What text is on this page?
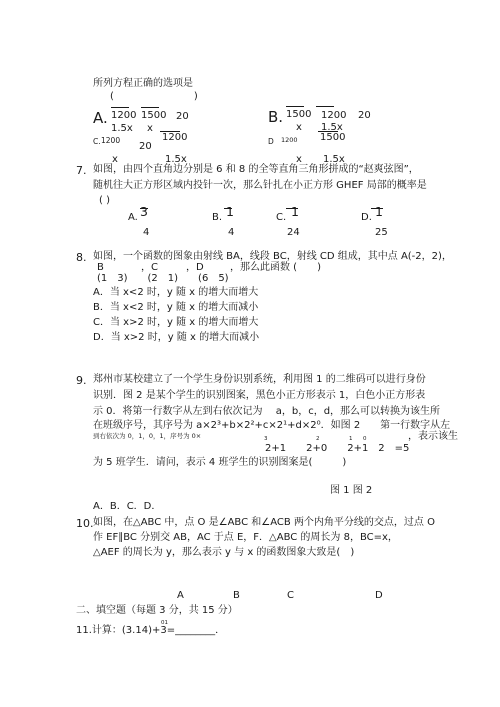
所列方程正确的选项是
(　　　　　　　　)
A. 1200 1500 20
1.5x x
C. 1200
20
1200
x	1.5x
B. 1500 1200 20
x 1.5x
D 1200 1500
x 1.5x
7. 如图，由四个直角边分别是 6 和 8 的全等直角三角形拼成的“赵爽弦图”，
随机往大正方形区域内投针一次，那么针扎在小正方形 GHEF 局部的概率是
( )
A. 3
4
B. 1
4
C. 1
24
D. 1
25
8. 如图，一个函数的图象由射线 BA，线段 BC，射线 CD 组成，其中点 A(-2，2)，
B	，C	，D	，那么此函数 (　　)
(1　3)　　(2　1)　　(6　5)
A．当 x<2 时，y 随 x 的增大而增大
B．当 x<2 时，y 随 x 的增大而减小
C．当 x>2 时，y 随 x 的增大而增大
D．当 x>2 时，y 随 x 的增大而减小
9. 郑州市某校建立了一个学生身份识别系统，利用图 1 的二维码可以进行身份
识别．图 2 是某个学生的识别图案，黑色小正方形表示 1，白色小正方形表
示 0．将第一行数字从左到右依次记为　 a，b，c，d，那么可以转换为该生所
在班级序号，其序号为 a×2³+b×2²+c×2¹+d×2⁰．如图 2　　第一行数字从左
到右依次为 0，1，0，1，序号为 0×	，表示该生
3	2	1 0
2+1　　2+0　　2+1　2　=5
为 5 班学生．请问，表示 4 班学生的识别图案是(　　　)
图 1 图 2
A．B．C．D．
10. 如图，在△ABC 中，点 O 是∠ABC 和∠ACB 两个内角平分线的交点，过点 O
作 EF∥BC 分别交 AB，AC 于点 E，F．△ABC 的周长为 8，BC=x，
△AEF 的周长为 y，那么表示 y 与 x 的函数图象大致是(　)
A	B	C	D
二、填空题（每题 3 分，共 15 分）
01
11.计算：(3.14)+3=________．
